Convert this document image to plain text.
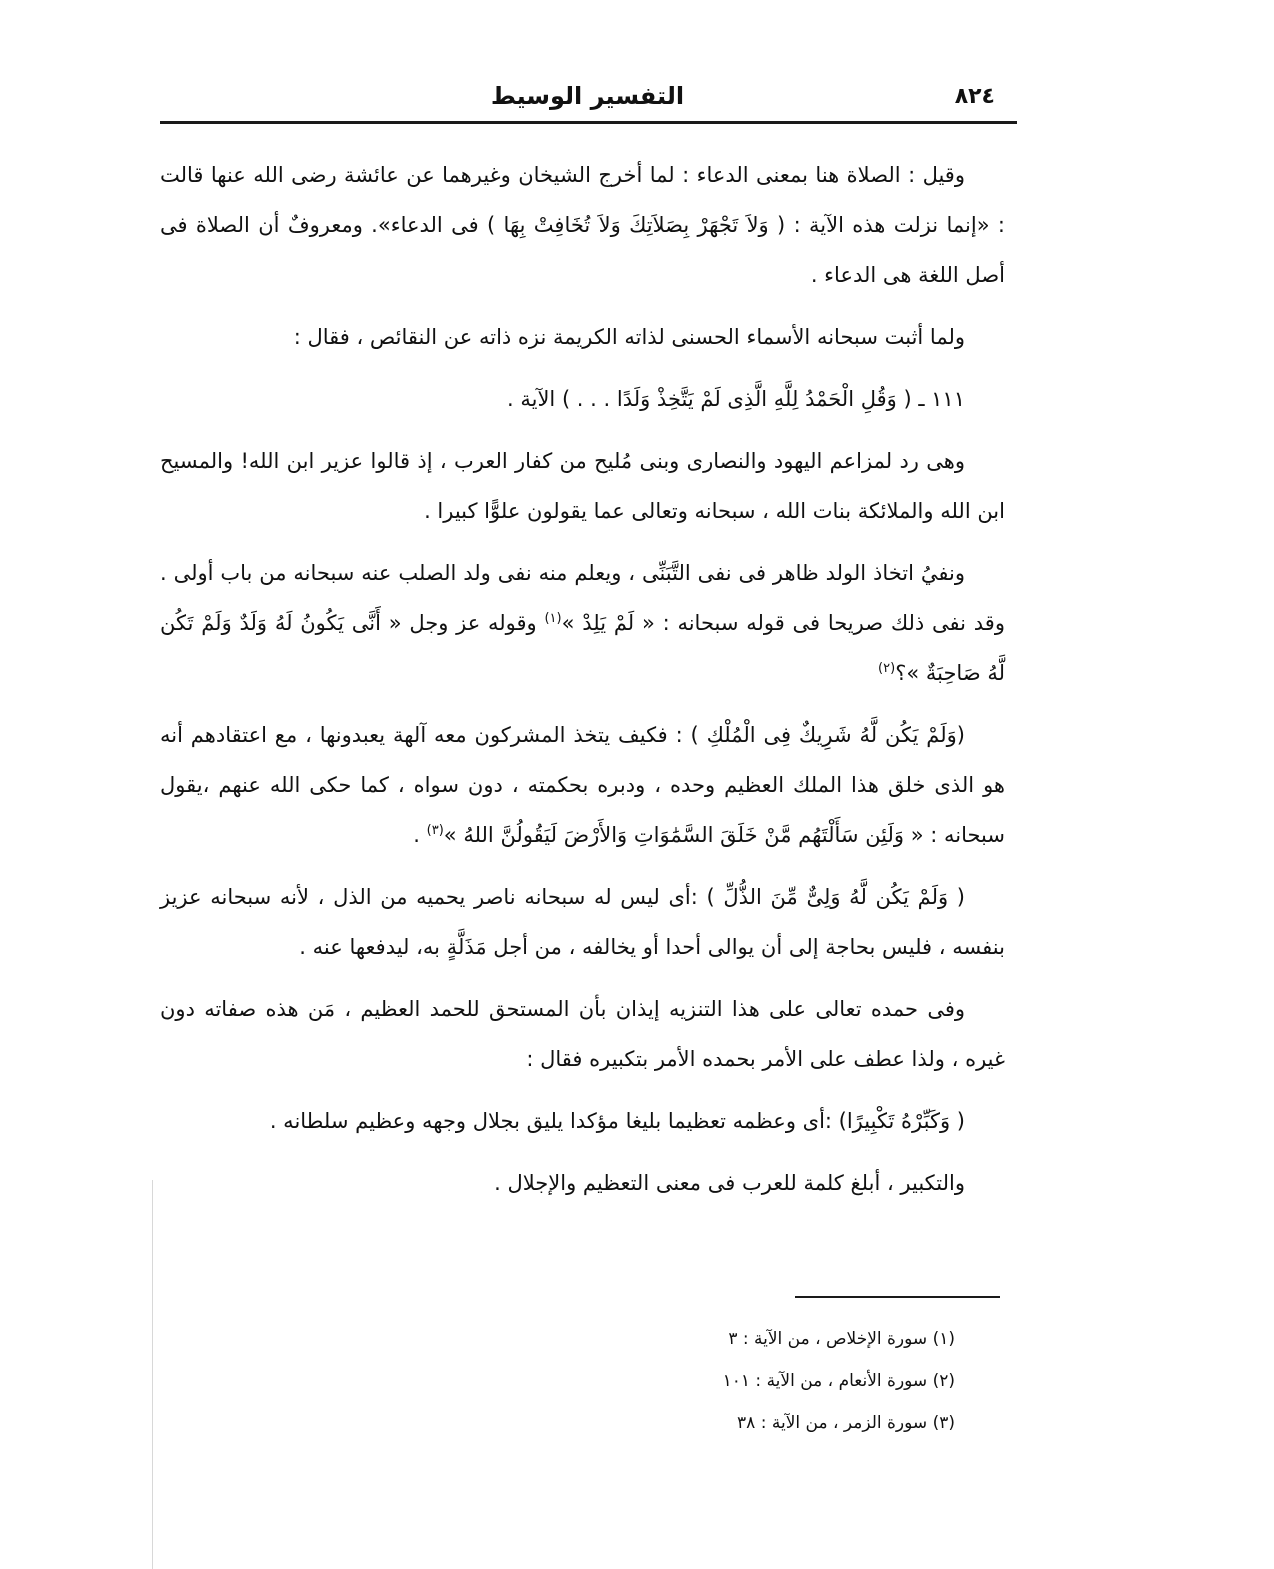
٨٢٤
التفسير الوسيط

وقيل : الصلاة هنا بمعنى الدعاء : لما أخرج الشيخان وغيرهما عن عائشة رضى الله عنها قالت : «إنما نزلت هذه الآية : ( وَلاَ تَجْهَرْ بِصَلاَتِكَ وَلاَ تُخَافِتْ بِهَا ) فى الدعاء». ومعروفٌ أن الصلاة فى أصل اللغة هى الدعاء .

ولما أثبت سبحانه الأسماء الحسنى لذاته الكريمة نزه ذاته عن النقائص ، فقال :

١١١ ـ ( وَقُلِ الْحَمْدُ لِلَّهِ الَّذِى لَمْ يَتَّخِذْ وَلَدًا . . . ) الآية .

وهى رد لمزاعم اليهود والنصارى وبنى مُليح من كفار العرب ، إذ قالوا عزير ابن الله! والمسيح ابن الله والملائكة بنات الله ، سبحانه وتعالى عما يقولون علوًّا كبيرا .

ونفيُ اتخاذ الولد ظاهر فى نفى التَّبَنِّى ، ويعلم منه نفى ولد الصلب عنه سبحانه من باب أولى . وقد نفى ذلك صريحا فى قوله سبحانه : « لَمْ يَلِدْ »$^{(١)}$ وقوله عز وجل « أَنَّى يَكُونُ لَهُ وَلَدٌ وَلَمْ تَكُن لَّهُ صَاحِبَةٌ »؟$^{(٢)}$

(وَلَمْ يَكُن لَّهُ شَرِيكٌ فِى الْمُلْكِ ) : فكيف يتخذ المشركون معه آلهة يعبدونها ، مع اعتقادهم أنه هو الذى خلق هذا الملك العظيم وحده ، ودبره بحكمته ، دون سواه ، كما حكى الله عنهم ،يقول سبحانه : « وَلَئِن سَأَلْتَهُم مَّنْ خَلَقَ السَّمَٰوَاتِ وَالأَرْضَ لَيَقُولُنَّ اللهُ »$^{(٣)}$ .

( وَلَمْ يَكُن لَّهُ وَلِىٌّ مِّنَ الذُّلِّ ) :أى ليس له سبحانه ناصر يحميه من الذل ، لأنه سبحانه عزيز بنفسه ، فليس بحاجة إلى أن يوالى أحدا أو يخالفه ، من أجل مَذَلَّةٍ به، ليدفعها عنه .

وفى حمده تعالى على هذا التنزيه إيذان بأن المستحق للحمد العظيم ، مَن هذه صفاته دون غيره ، ولذا عطف على الأمر بحمده الأمر بتكبيره فقال :

( وَكَبِّرْهُ تَكْبِيرًا) :أى وعظمه تعظيما بليغا مؤكدا يليق بجلال وجهه وعظيم سلطانه .

والتكبير ، أبلغ كلمة للعرب فى معنى التعظيم والإجلال .

(١) سورة الإخلاص ، من الآية : ٣
(٢) سورة الأنعام ، من الآية : ١٠١
(٣) سورة الزمر ، من الآية : ٣٨
